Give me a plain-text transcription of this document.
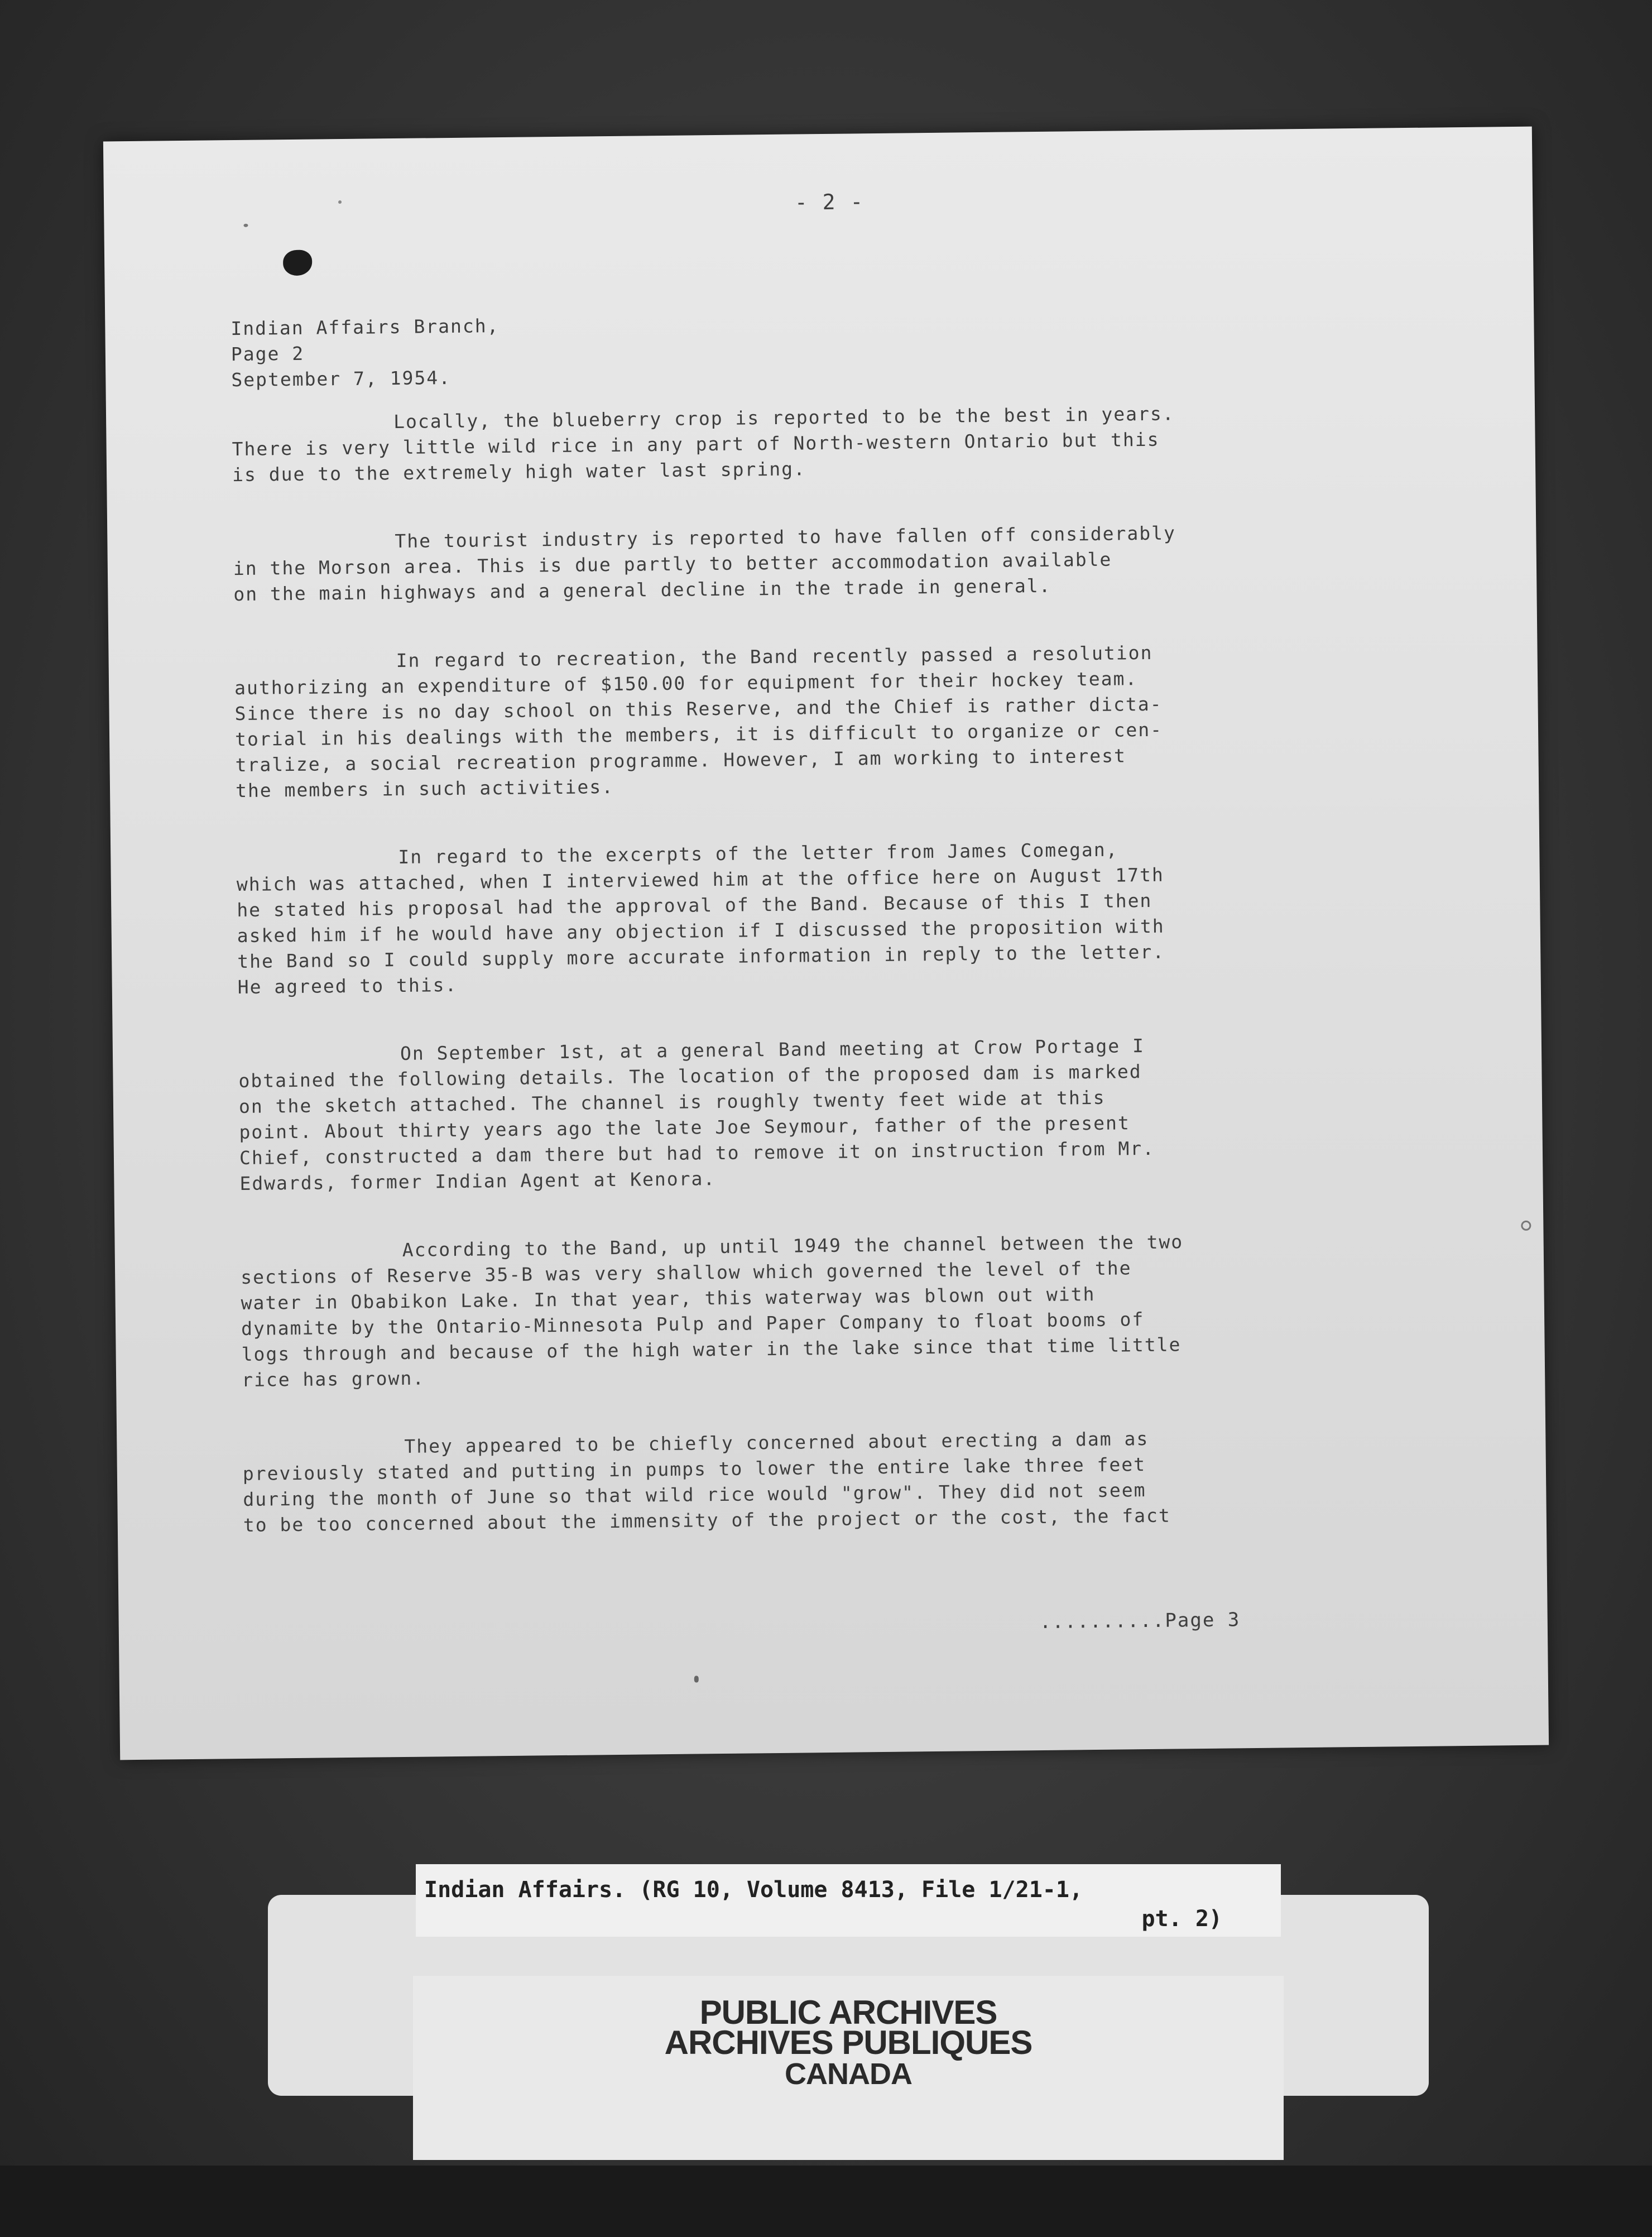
- 2 -
Indian Affairs Branch,
Page 2
September 7, 1954.

Locally, the blueberry crop is reported to be the best in years.
There is very little wild rice in any part of North-western Ontario but this
is due to the extremely high water last spring.

The tourist industry is reported to have fallen off considerably
in the Morson area. This is due partly to better accommodation available
on the main highways and a general decline in the trade in general.

In regard to recreation, the Band recently passed a resolution
authorizing an expenditure of $150.00 for equipment for their hockey team.
Since there is no day school on this Reserve, and the Chief is rather dicta-
torial in his dealings with the members, it is difficult to organize or cen-
tralize, a social recreation programme. However, I am working to interest
the members in such activities.

In regard to the excerpts of the letter from James Comegan,
which was attached, when I interviewed him at the office here on August 17th
he stated his proposal had the approval of the Band. Because of this I then
asked him if he would have any objection if I discussed the proposition with
the Band so I could supply more accurate information in reply to the letter.
He agreed to this.

On September 1st, at a general Band meeting at Crow Portage I
obtained the following details. The location of the proposed dam is marked
on the sketch attached. The channel is roughly twenty feet wide at this
point. About thirty years ago the late Joe Seymour, father of the present
Chief, constructed a dam there but had to remove it on instruction from Mr.
Edwards, former Indian Agent at Kenora.

According to the Band, up until 1949 the channel between the two
sections of Reserve 35-B was very shallow which governed the level of the
water in Obabikon Lake. In that year, this waterway was blown out with
dynamite by the Ontario-Minnesota Pulp and Paper Company to float booms of
logs through and because of the high water in the lake since that time little
rice has grown.

They appeared to be chiefly concerned about erecting a dam as
previously stated and putting in pumps to lower the entire lake three feet
during the month of June so that wild rice would "grow". They did not seem
to be too concerned about the immensity of the project or the cost, the fact

..........Page 3
Indian Affairs. (RG 10, Volume 8413, File 1/21-1,
pt. 2)
PUBLIC ARCHIVES
ARCHIVES PUBLIQUES
CANADA
